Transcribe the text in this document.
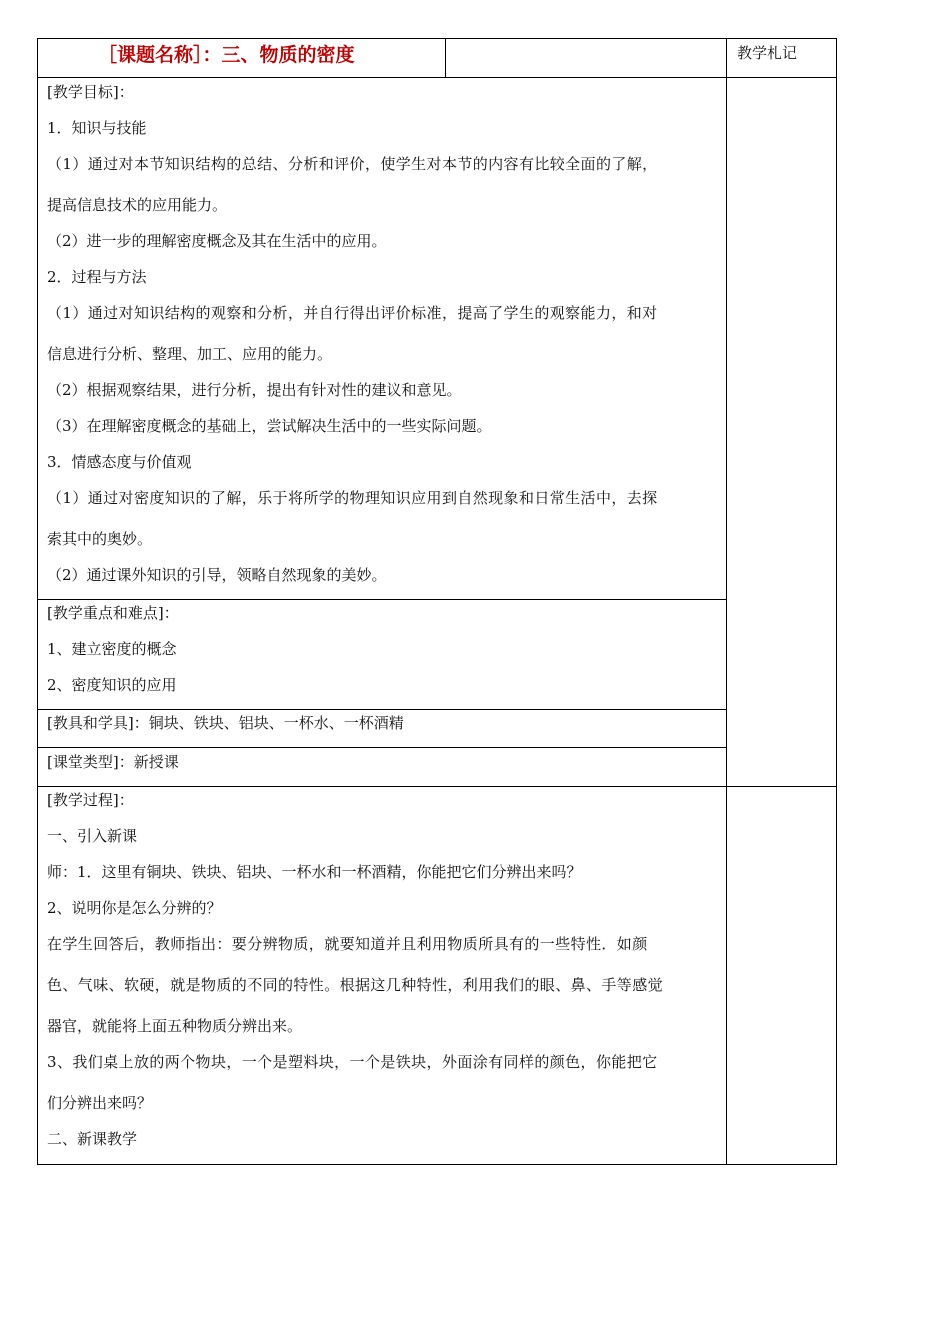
［课题名称］：三、物质的密度	教学札记
[教学目标]：
1．知识与技能
（1）通过对本节知识结构的总结、分析和评价，使学生对本节的内容有比较全面的了解，
提高信息技术的应用能力。
（2）进一步的理解密度概念及其在生活中的应用。
2．过程与方法
（1）通过对知识结构的观察和分析，并自行得出评价标准，提高了学生的观察能力，和对
信息进行分析、整理、加工、应用的能力。
（2）根据观察结果，进行分析，提出有针对性的建议和意见。
（3）在理解密度概念的基础上，尝试解决生活中的一些实际问题。
3．情感态度与价值观
（1）通过对密度知识的了解，乐于将所学的物理知识应用到自然现象和日常生活中，去探
索其中的奥妙。
（2）通过课外知识的引导，领略自然现象的美妙。
[教学重点和难点]：
1、建立密度的概念
2、密度知识的应用
[教具和学具]：铜块、铁块、铝块、一杯水、一杯酒精
[课堂类型]：新授课
[教学过程]：
一、引入新课
师：1．这里有铜块、铁块、铝块、一杯水和一杯酒精，你能把它们分辨出来吗？
2、说明你是怎么分辨的？
在学生回答后，教师指出：要分辨物质，就要知道并且利用物质所具有的一些特性．如颜
色、气味、软硬，就是物质的不同的特性。根据这几种特性，利用我们的眼、鼻、手等感觉
器官，就能将上面五种物质分辨出来。
3、我们桌上放的两个物块，一个是塑料块，一个是铁块，外面涂有同样的颜色，你能把它
们分辨出来吗？
二、新课教学
